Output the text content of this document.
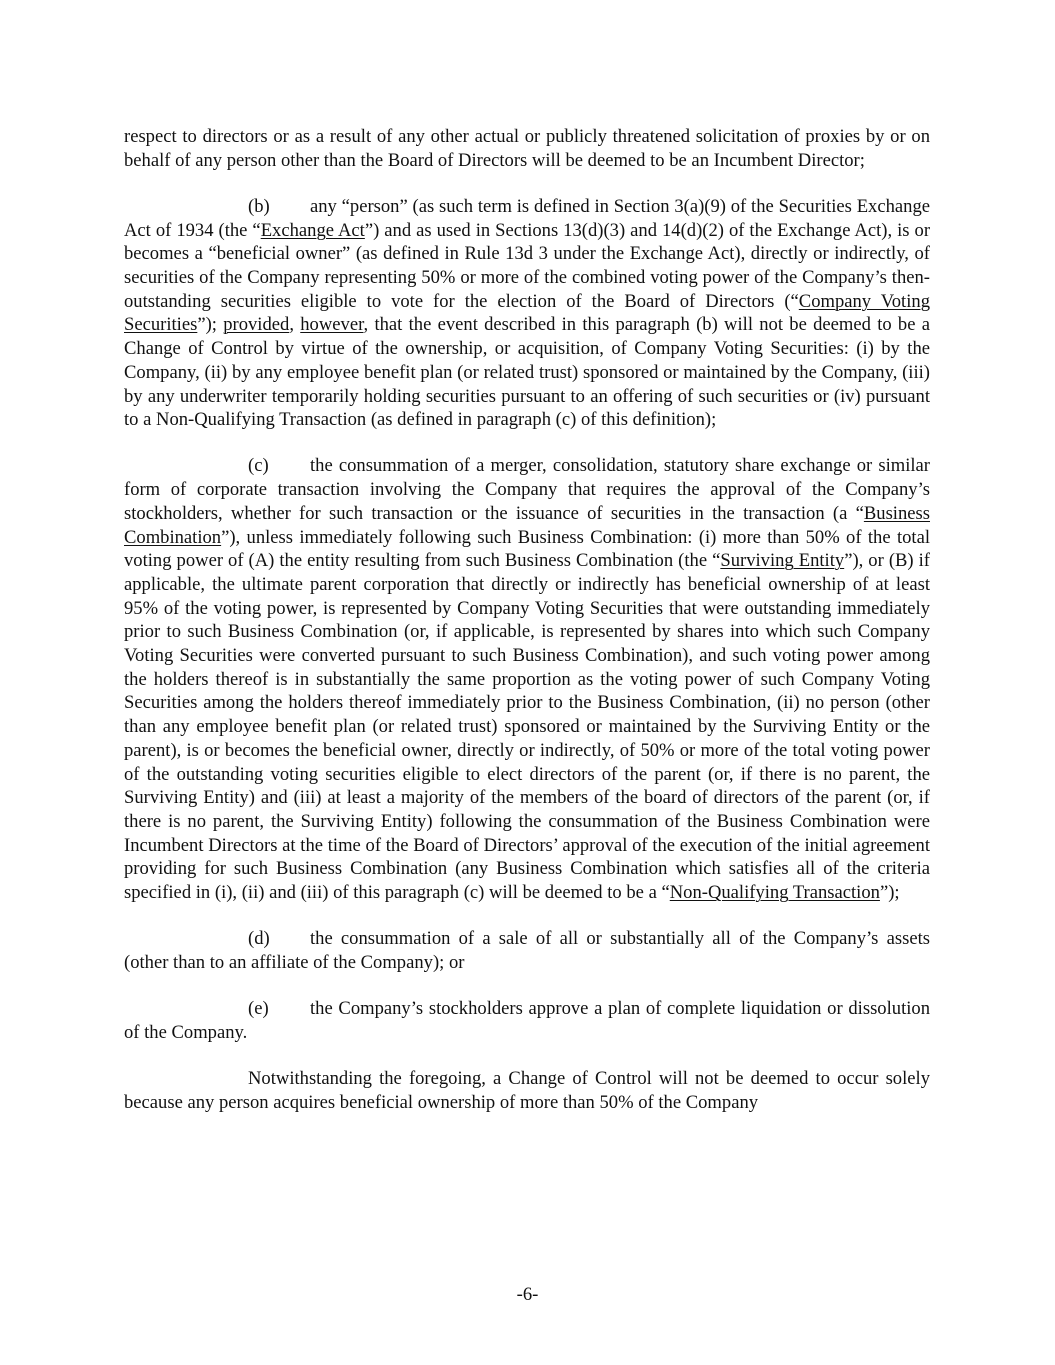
respect to directors or as a result of any other actual or publicly threatened solicitation of proxies by or on behalf of any person other than the Board of Directors will be deemed to be an Incumbent Director;

(b) any “person” (as such term is defined in Section 3(a)(9) of the Securities Exchange Act of 1934 (the “Exchange Act”) and as used in Sections 13(d)(3) and 14(d)(2) of the Exchange Act), is or becomes a “beneficial owner” (as defined in Rule 13d 3 under the Exchange Act), directly or indirectly, of securities of the Company representing 50% or more of the combined voting power of the Company’s then-outstanding securities eligible to vote for the election of the Board of Directors (“Company Voting Securities”); provided, however, that the event described in this paragraph (b) will not be deemed to be a Change of Control by virtue of the ownership, or acquisition, of Company Voting Securities: (i) by the Company, (ii) by any employee benefit plan (or related trust) sponsored or maintained by the Company, (iii) by any underwriter temporarily holding securities pursuant to an offering of such securities or (iv) pursuant to a Non-Qualifying Transaction (as defined in paragraph (c) of this definition);

(c) the consummation of a merger, consolidation, statutory share exchange or similar form of corporate transaction involving the Company that requires the approval of the Company’s stockholders, whether for such transaction or the issuance of securities in the transaction (a “Business Combination”), unless immediately following such Business Combination: (i) more than 50% of the total voting power of (A) the entity resulting from such Business Combination (the “Surviving Entity”), or (B) if applicable, the ultimate parent corporation that directly or indirectly has beneficial ownership of at least 95% of the voting power, is represented by Company Voting Securities that were outstanding immediately prior to such Business Combination (or, if applicable, is represented by shares into which such Company Voting Securities were converted pursuant to such Business Combination), and such voting power among the holders thereof is in substantially the same proportion as the voting power of such Company Voting Securities among the holders thereof immediately prior to the Business Combination, (ii) no person (other than any employee benefit plan (or related trust) sponsored or maintained by the Surviving Entity or the parent), is or becomes the beneficial owner, directly or indirectly, of 50% or more of the total voting power of the outstanding voting securities eligible to elect directors of the parent (or, if there is no parent, the Surviving Entity) and (iii) at least a majority of the members of the board of directors of the parent (or, if there is no parent, the Surviving Entity) following the consummation of the Business Combination were Incumbent Directors at the time of the Board of Directors’ approval of the execution of the initial agreement providing for such Business Combination (any Business Combination which satisfies all of the criteria specified in (i), (ii) and (iii) of this paragraph (c) will be deemed to be a “Non-Qualifying Transaction”);

(d) the consummation of a sale of all or substantially all of the Company’s assets (other than to an affiliate of the Company); or

(e) the Company’s stockholders approve a plan of complete liquidation or dissolution of the Company.

Notwithstanding the foregoing, a Change of Control will not be deemed to occur solely because any person acquires beneficial ownership of more than 50% of the Company

-6-
